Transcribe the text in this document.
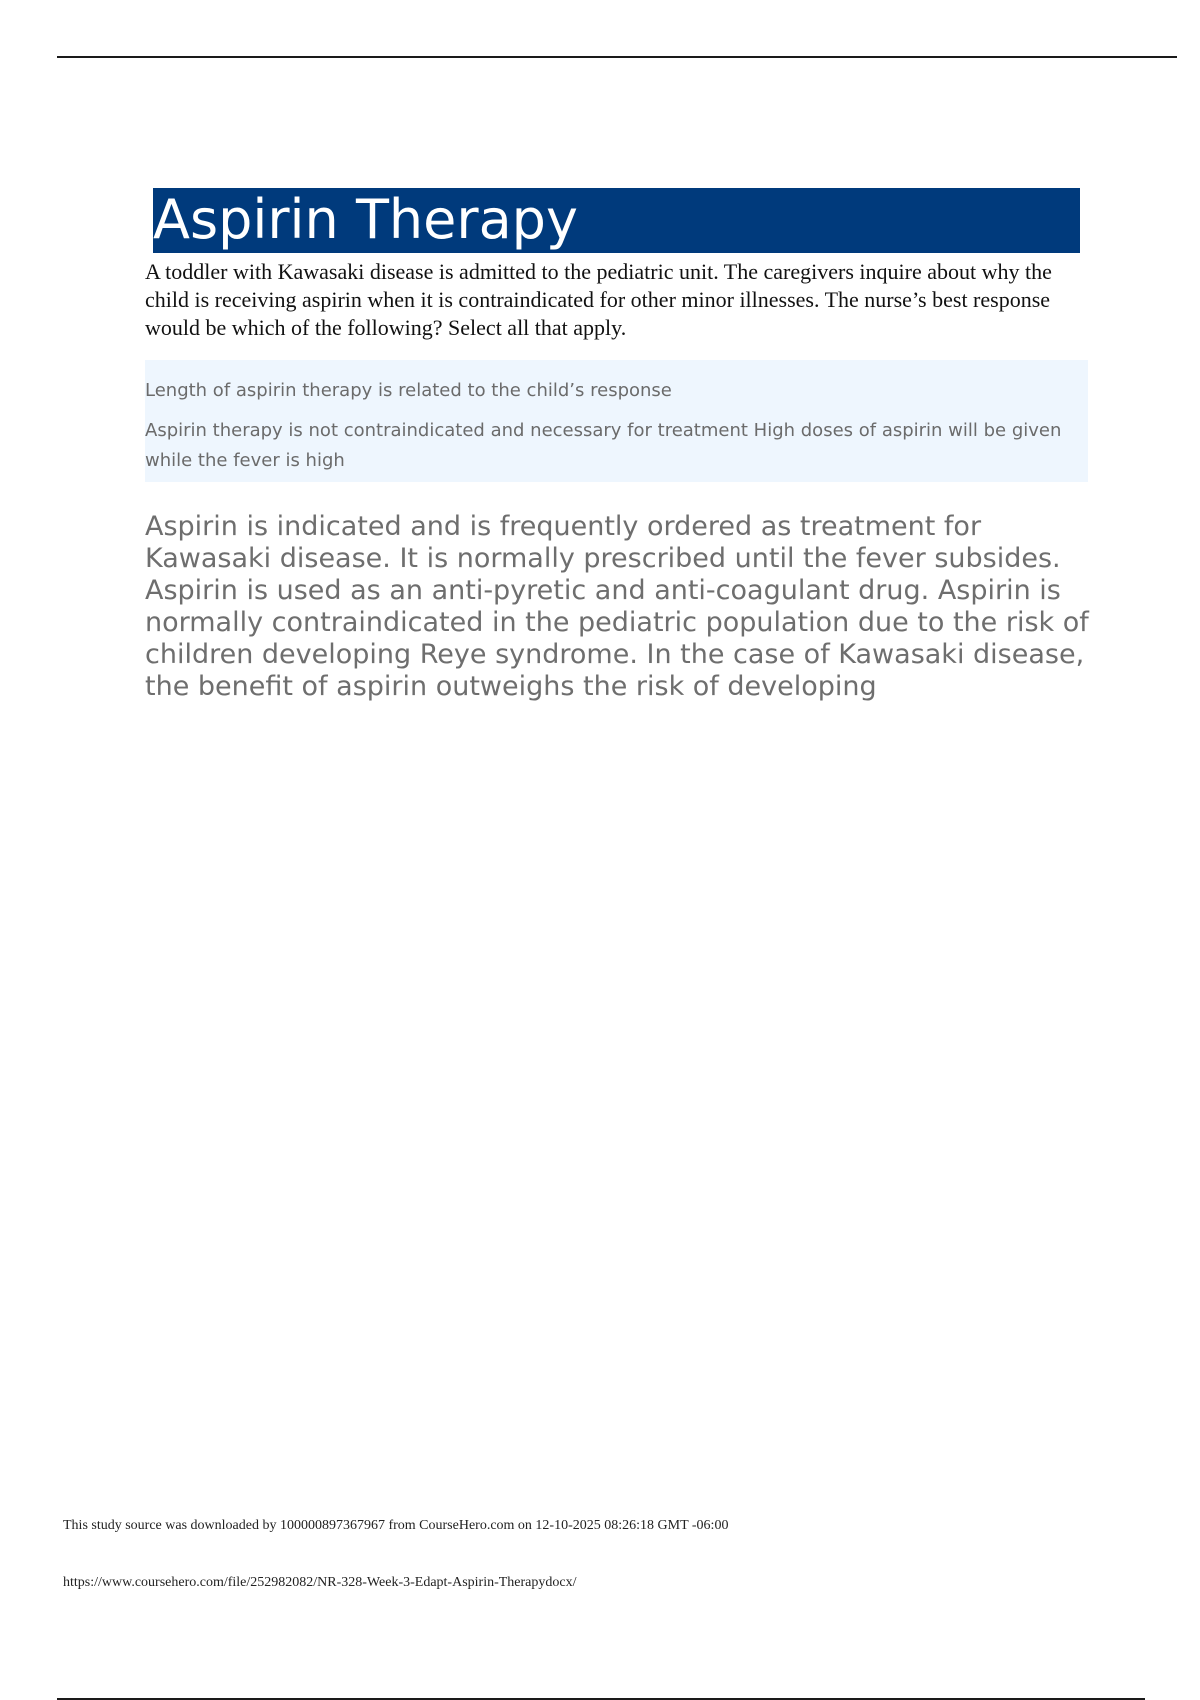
Aspirin Therapy
A toddler with Kawasaki disease is admitted to the pediatric unit. The caregivers inquire about why the child is receiving aspirin when it is contraindicated for other minor illnesses. The nurse’s best response would be which of the following? Select all that apply.
Length of aspirin therapy is related to the child’s response
Aspirin therapy is not contraindicated and necessary for treatment High doses of aspirin will be given while the fever is high
Aspirin is indicated and is frequently ordered as treatment for Kawasaki disease. It is normally prescribed until the fever subsides. Aspirin is used as an anti-pyretic and anti-coagulant drug. Aspirin is normally contraindicated in the pediatric population due to the risk of children developing Reye syndrome. In the case of Kawasaki disease, the benefit of aspirin outweighs the risk of developing
This study source was downloaded by 100000897367967 from CourseHero.com on 12-10-2025 08:26:18 GMT -06:00
https://www.coursehero.com/file/252982082/NR-328-Week-3-Edapt-Aspirin-Therapydocx/
